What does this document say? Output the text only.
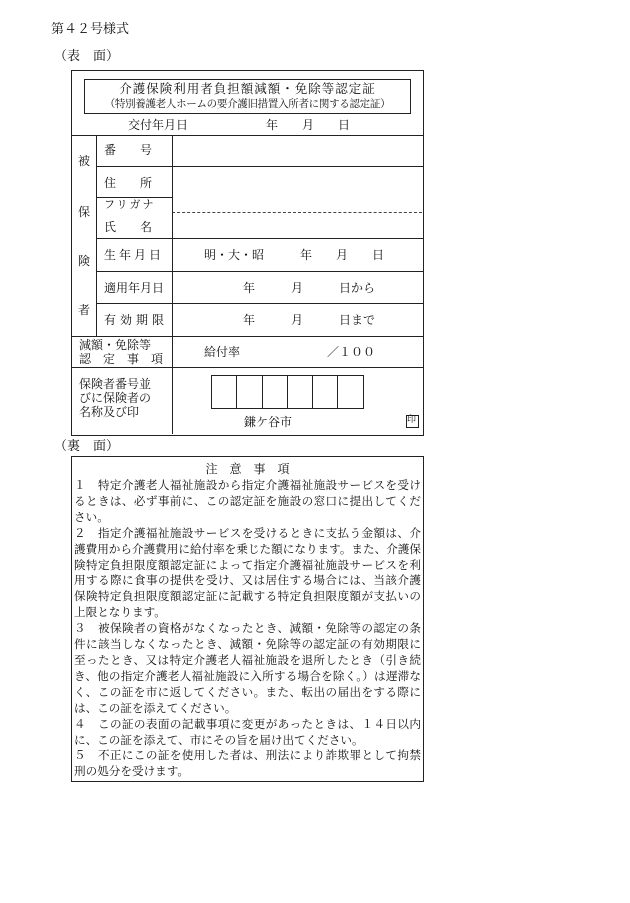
第４２号様式
（表　面）
介護保険利用者負担額減額・免除等認定証
（特別養護老人ホームの要介護旧措置入所者に関する認定証）
交付年月日	年　　月　　日
被
保
険
者
番　　号
住　　所
フリガナ
氏　　名
生年月日	明・大・昭　　　年　　月　　日
適用年月日	年　　　月　　　日から
有効期限	年　　　月　　　日まで
減額・免除等
認　定　事　項	給付率	／１００
保険者番号並
びに保険者の
名称及び印
鎌ケ谷市	印
（裏　面）
注　意　事　項

１　特定介護老人福祉施設から指定介護福祉施設サービスを受けるときは、必ず事前に、この認定証を施設の窓口に提出してください。

２　指定介護福祉施設サービスを受けるときに支払う金額は、介護費用から介護費用に給付率を乗じた額になります。また、介護保険特定負担限度額認定証によって指定介護福祉施設サービスを利用する際に食事の提供を受け、又は居住する場合には、当該介護保険特定負担限度額認定証に記載する特定負担限度額が支払いの上限となります。

３　被保険者の資格がなくなったとき、減額・免除等の認定の条件に該当しなくなったとき、減額・免除等の認定証の有効期限に至ったとき、又は特定介護老人福祉施設を退所したとき（引き続き、他の指定介護老人福祉施設に入所する場合を除く。）は遅滞なく、この証を市に返してください。また、転出の届出をする際には、この証を添えてください。

４　この証の表面の記載事項に変更があったときは、１４日以内に、この証を添えて、市にその旨を届け出てください。

５　不正にこの証を使用した者は、刑法により詐欺罪として拘禁刑の処分を受けます。
